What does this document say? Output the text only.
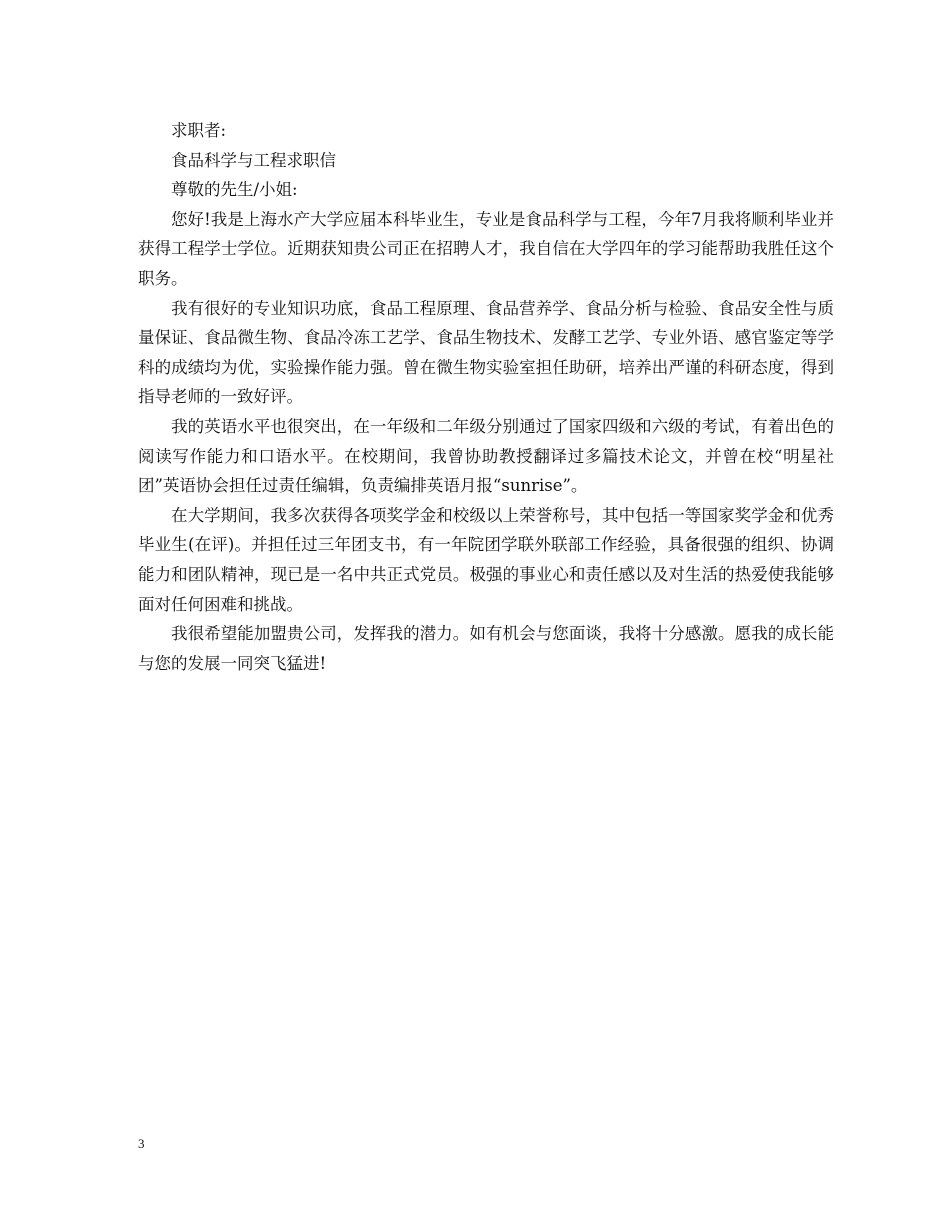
求职者:

食品科学与工程求职信

尊敬的先生/小姐:

您好!我是上海水产大学应届本科毕业生，专业是食品科学与工程，今年7月我将顺利毕业并获得工程学士学位。近期获知贵公司正在招聘人才，我自信在大学四年的学习能帮助我胜任这个职务。

我有很好的专业知识功底，食品工程原理、食品营养学、食品分析与检验、食品安全性与质量保证、食品微生物、食品冷冻工艺学、食品生物技术、发酵工艺学、专业外语、感官鉴定等学科的成绩均为优，实验操作能力强。曾在微生物实验室担任助研，培养出严谨的科研态度，得到指导老师的一致好评。

我的英语水平也很突出，在一年级和二年级分别通过了国家四级和六级的考试，有着出色的阅读写作能力和口语水平。在校期间，我曾协助教授翻译过多篇技术论文，并曾在校“明星社团”英语协会担任过责任编辑，负责编排英语月报“sunrise”。

在大学期间，我多次获得各项奖学金和校级以上荣誉称号，其中包括一等国家奖学金和优秀毕业生(在评)。并担任过三年团支书，有一年院团学联外联部工作经验，具备很强的组织、协调能力和团队精神，现已是一名中共正式党员。极强的事业心和责任感以及对生活的热爱使我能够面对任何困难和挑战。

我很希望能加盟贵公司，发挥我的潜力。如有机会与您面谈，我将十分感激。愿我的成长能与您的发展一同突飞猛进!

3
